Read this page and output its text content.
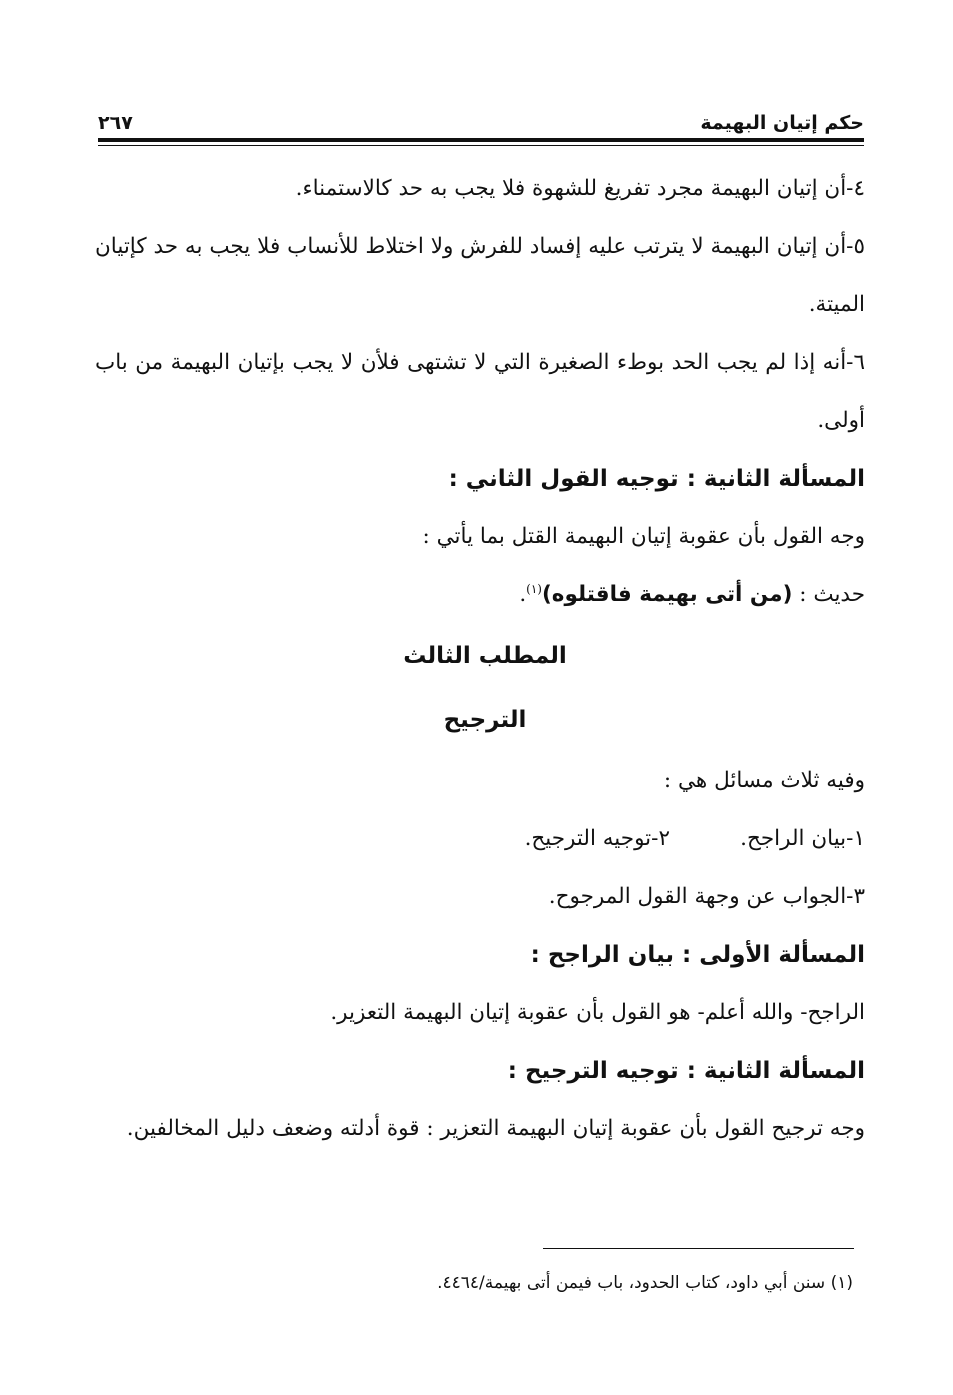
حكم إتيان البهيمة
٢٦٧

٤-أن إتيان البهيمة مجرد تفريغ للشهوة فلا يجب به حد كالاستمناء.

٥-أن إتيان البهيمة لا يترتب عليه إفساد للفرش ولا اختلاط للأنساب فلا يجب به حد كإتيان الميتة.

٦-أنه إذا لم يجب الحد بوطء الصغيرة التي لا تشتهى فلأن لا يجب بإتيان البهيمة من باب أولى.

المسألة الثانية : توجيه القول الثاني :

وجه القول بأن عقوبة إتيان البهيمة القتل بما يأتي :

حديث : (من أتى بهيمة فاقتلوه)$^{(١)}$.

المطلب الثالث

الترجيح

وفيه ثلاث مسائل هي :

١-بيان الراجح.
٢-توجيه الترجيح.

٣-الجواب عن وجهة القول المرجوح.

المسألة الأولى : بيان الراجح :

الراجح- والله أعلم- هو القول بأن عقوبة إتيان البهيمة التعزير.

المسألة الثانية : توجيه الترجيح :

وجه ترجيح القول بأن عقوبة إتيان البهيمة التعزير : قوة أدلته وضعف دليل المخالفين.

(١) سنن أبي داود، كتاب الحدود، باب فيمن أتى بهيمة/٤٤٦٤.
